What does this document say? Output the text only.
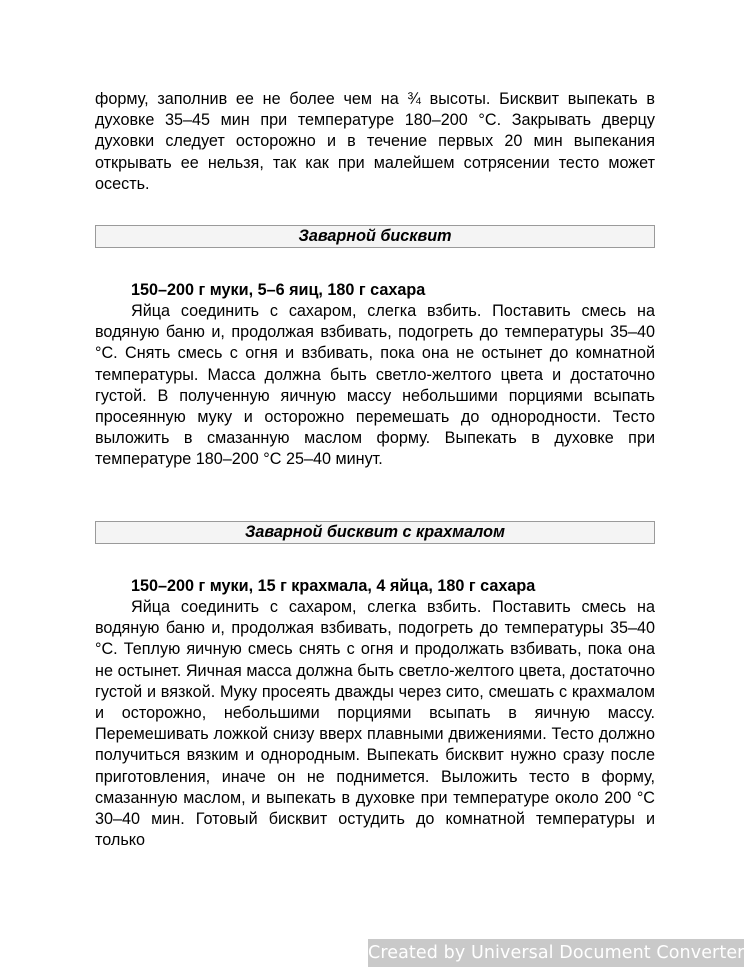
форму, заполнив ее не более чем на ¾ высоты. Бисквит выпекать в духовке 35–45 мин при температуре 180–200 °С. Закрывать дверцу духовки следует осторожно и в течение первых 20 мин выпекания открывать ее нельзя, так как при малейшем сотрясении тесто может осесть.

Заварной бисквит
150–200 г муки, 5–6 яиц, 180 г сахара

Яйца соединить с сахаром, слегка взбить. Поставить смесь на водяную баню и, продолжая взбивать, подогреть до температуры 35–40 °С. Снять смесь с огня и взбивать, пока она не остынет до комнатной температуры. Масса должна быть светло-желтого цвета и достаточно густой. В полученную яичную массу небольшими порциями всыпать просеянную муку и осторожно перемешать до однородности. Тесто выложить в смазанную маслом форму. Выпекать в духовке при температуре 180–200 °С 25–40 минут.

Заварной бисквит с крахмалом
150–200 г муки, 15 г крахмала, 4 яйца, 180 г сахара

Яйца соединить с сахаром, слегка взбить. Поставить смесь на водяную баню и, продолжая взбивать, подогреть до температуры 35–40 °С. Теплую яичную смесь снять с огня и продолжать взбивать, пока она не остынет. Яичная масса должна быть светло-желтого цвета, достаточно густой и вязкой. Муку просеять дважды через сито, смешать с крахмалом и осторожно, небольшими порциями всыпать в яичную массу. Перемешивать ложкой снизу вверх плавными движениями. Тесто должно получиться вязким и однородным. Выпекать бисквит нужно сразу после приготовления, иначе он не поднимется. Выложить тесто в форму, смазанную маслом, и выпекать в духовке при температуре около 200 °С 30–40 мин. Готовый бисквит остудить до комнатной температуры и только

Created by Universal Document Converter
